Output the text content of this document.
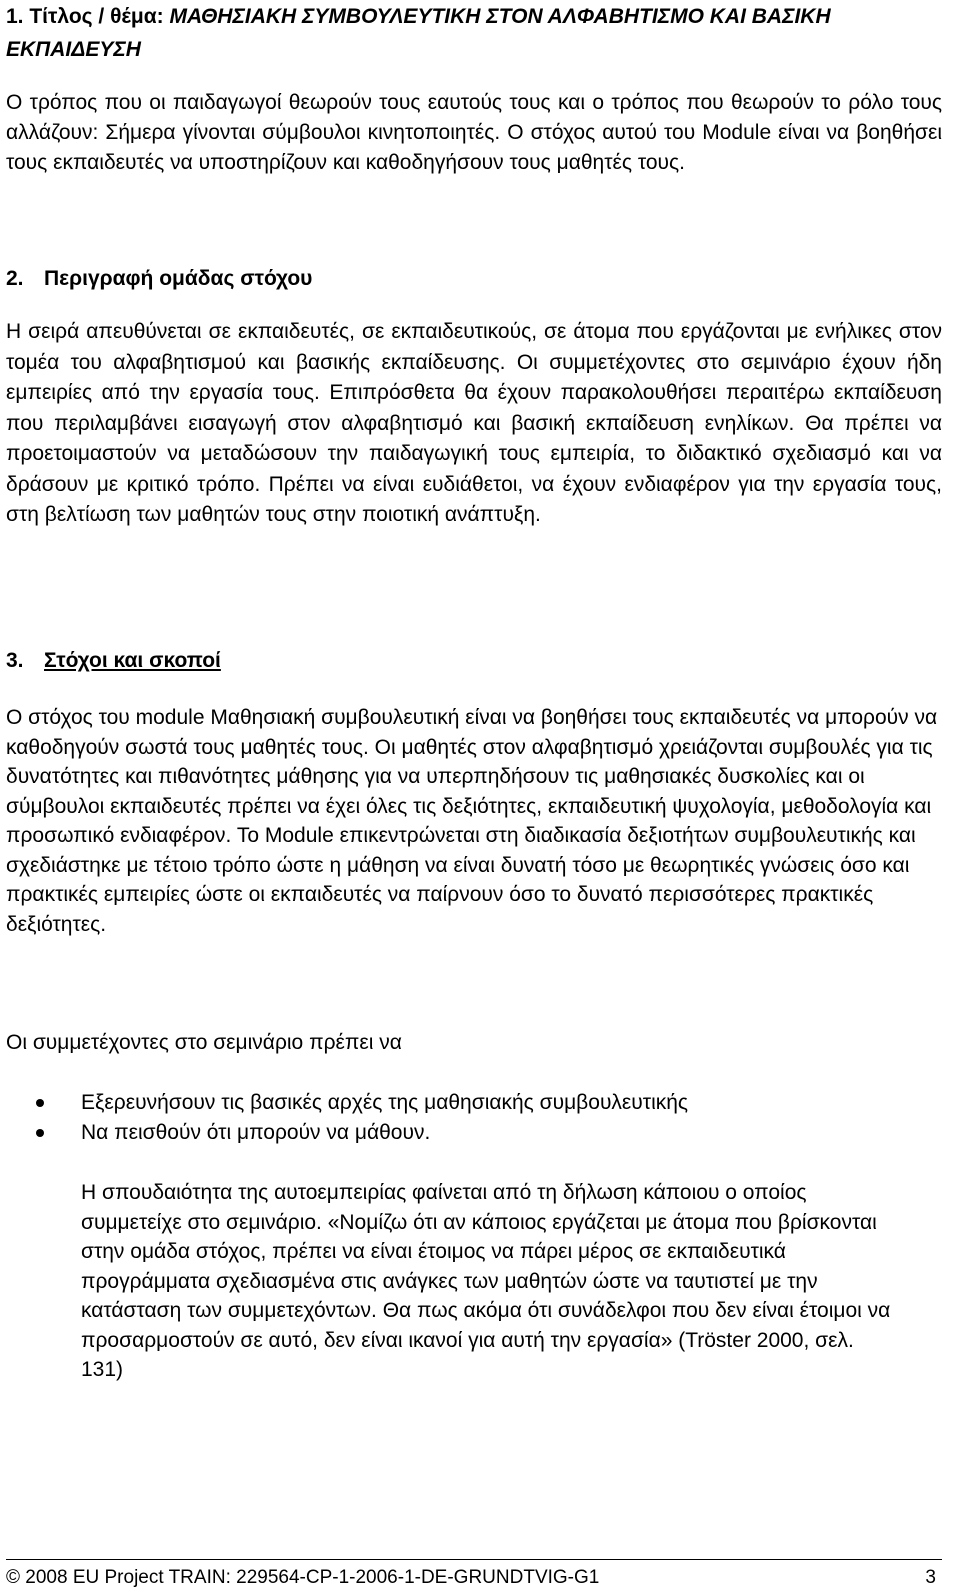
1. Τίτλος / θέμα: ΜΑΘΗΣΙΑΚΗ ΣΥΜΒΟΥΛΕΥΤΙΚΗ ΣΤΟΝ ΑΛΦΑΒΗΤΙΣΜΟ ΚΑΙ ΒΑΣΙΚΗ ΕΚΠΑΙΔΕΥΣΗ

Ο τρόπος που οι παιδαγωγοί θεωρούν τους εαυτούς τους και ο τρόπος που θεωρούν το ρόλο τους αλλάζουν: Σήμερα γίνονται σύμβουλοι κινητοποιητές. Ο στόχος αυτού του Module είναι να βοηθήσει τους εκπαιδευτές να υποστηρίζουν και καθοδηγήσουν τους μαθητές τους.

2. Περιγραφή ομάδας στόχου

Η σειρά απευθύνεται σε εκπαιδευτές, σε εκπαιδευτικούς, σε άτομα που εργάζονται με ενήλικες στον τομέα του αλφαβητισμού και βασικής εκπαίδευσης. Οι συμμετέχοντες στο σεμινάριο έχουν ήδη εμπειρίες από την εργασία τους. Επιπρόσθετα θα έχουν παρακολουθήσει περαιτέρω εκπαίδευση που περιλαμβάνει εισαγωγή στον αλφαβητισμό και βασική εκπαίδευση ενηλίκων. Θα πρέπει να προετοιμαστούν να μεταδώσουν την παιδαγωγική τους εμπειρία, το διδακτικό σχεδιασμό και να δράσουν με κριτικό τρόπο. Πρέπει να είναι ευδιάθετοι, να έχουν ενδιαφέρον για την εργασία τους, στη βελτίωση των μαθητών τους στην ποιοτική ανάπτυξη.

3. Στόχοι και σκοποί

Ο στόχος του module Μαθησιακή συμβουλευτική είναι να βοηθήσει τους εκπαιδευτές να μπορούν να καθοδηγούν σωστά τους μαθητές τους. Οι μαθητές στον αλφαβητισμό χρειάζονται συμβουλές για τις δυνατότητες και πιθανότητες μάθησης για να υπερπηδήσουν τις μαθησιακές δυσκολίες και οι σύμβουλοι εκπαιδευτές πρέπει να έχει όλες τις δεξιότητες, εκπαιδευτική ψυχολογία, μεθοδολογία και προσωπικό ενδιαφέρον. Το Module επικεντρώνεται στη διαδικασία δεξιοτήτων συμβουλευτικής και σχεδιάστηκε με τέτοιο τρόπο ώστε η μάθηση να είναι δυνατή τόσο με θεωρητικές γνώσεις όσο και πρακτικές εμπειρίες ώστε οι εκπαιδευτές να παίρνουν όσο το δυνατό περισσότερες πρακτικές δεξιότητες.

Οι συμμετέχοντες στο σεμινάριο πρέπει να

Εξερευνήσουν τις βασικές αρχές της μαθησιακής συμβουλευτικής
Να πεισθούν ότι μπορούν να μάθουν.

Η σπουδαιότητα της αυτοεμπειρίας φαίνεται από τη δήλωση κάποιου ο οποίος συμμετείχε στο σεμινάριο. «Νομίζω ότι αν κάποιος εργάζεται με άτομα που βρίσκονται στην ομάδα στόχος, πρέπει να είναι έτοιμος να πάρει μέρος σε εκπαιδευτικά προγράμματα σχεδιασμένα στις ανάγκες των μαθητών ώστε να ταυτιστεί με την κατάσταση των συμμετεχόντων. Θα πως ακόμα ότι συνάδελφοι που δεν είναι έτοιμοι να προσαρμοστούν σε αυτό, δεν είναι ικανοί για αυτή την εργασία» (Tröster 2000, σελ. 131)

© 2008 EU Project TRAIN: 229564-CP-1-2006-1-DE-GRUNDTVIG-G1	3
